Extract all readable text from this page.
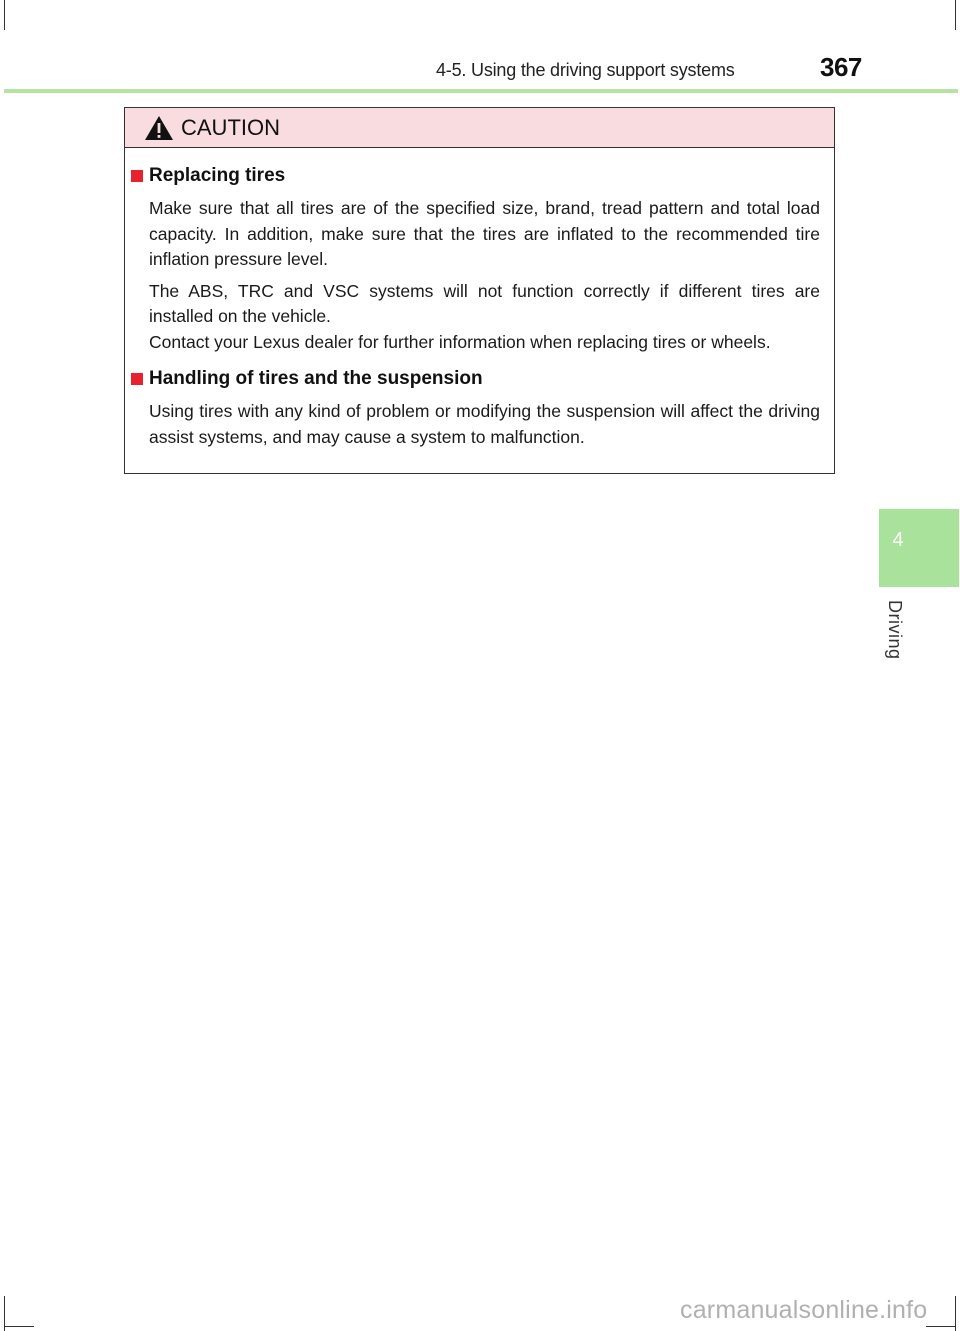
4-5. Using the driving support systems	367
CAUTION
Replacing tires

Make sure that all tires are of the specified size, brand, tread pattern and total load capacity. In addition, make sure that the tires are inflated to the recommended tire inflation pressure level.

The ABS, TRC and VSC systems will not function correctly if different tires are installed on the vehicle.

Contact your Lexus dealer for further information when replacing tires or wheels.

Handling of tires and the suspension

Using tires with any kind of problem or modifying the suspension will affect the driving assist systems, and may cause a system to malfunction.

4
Driving
carmanualsonline.info
